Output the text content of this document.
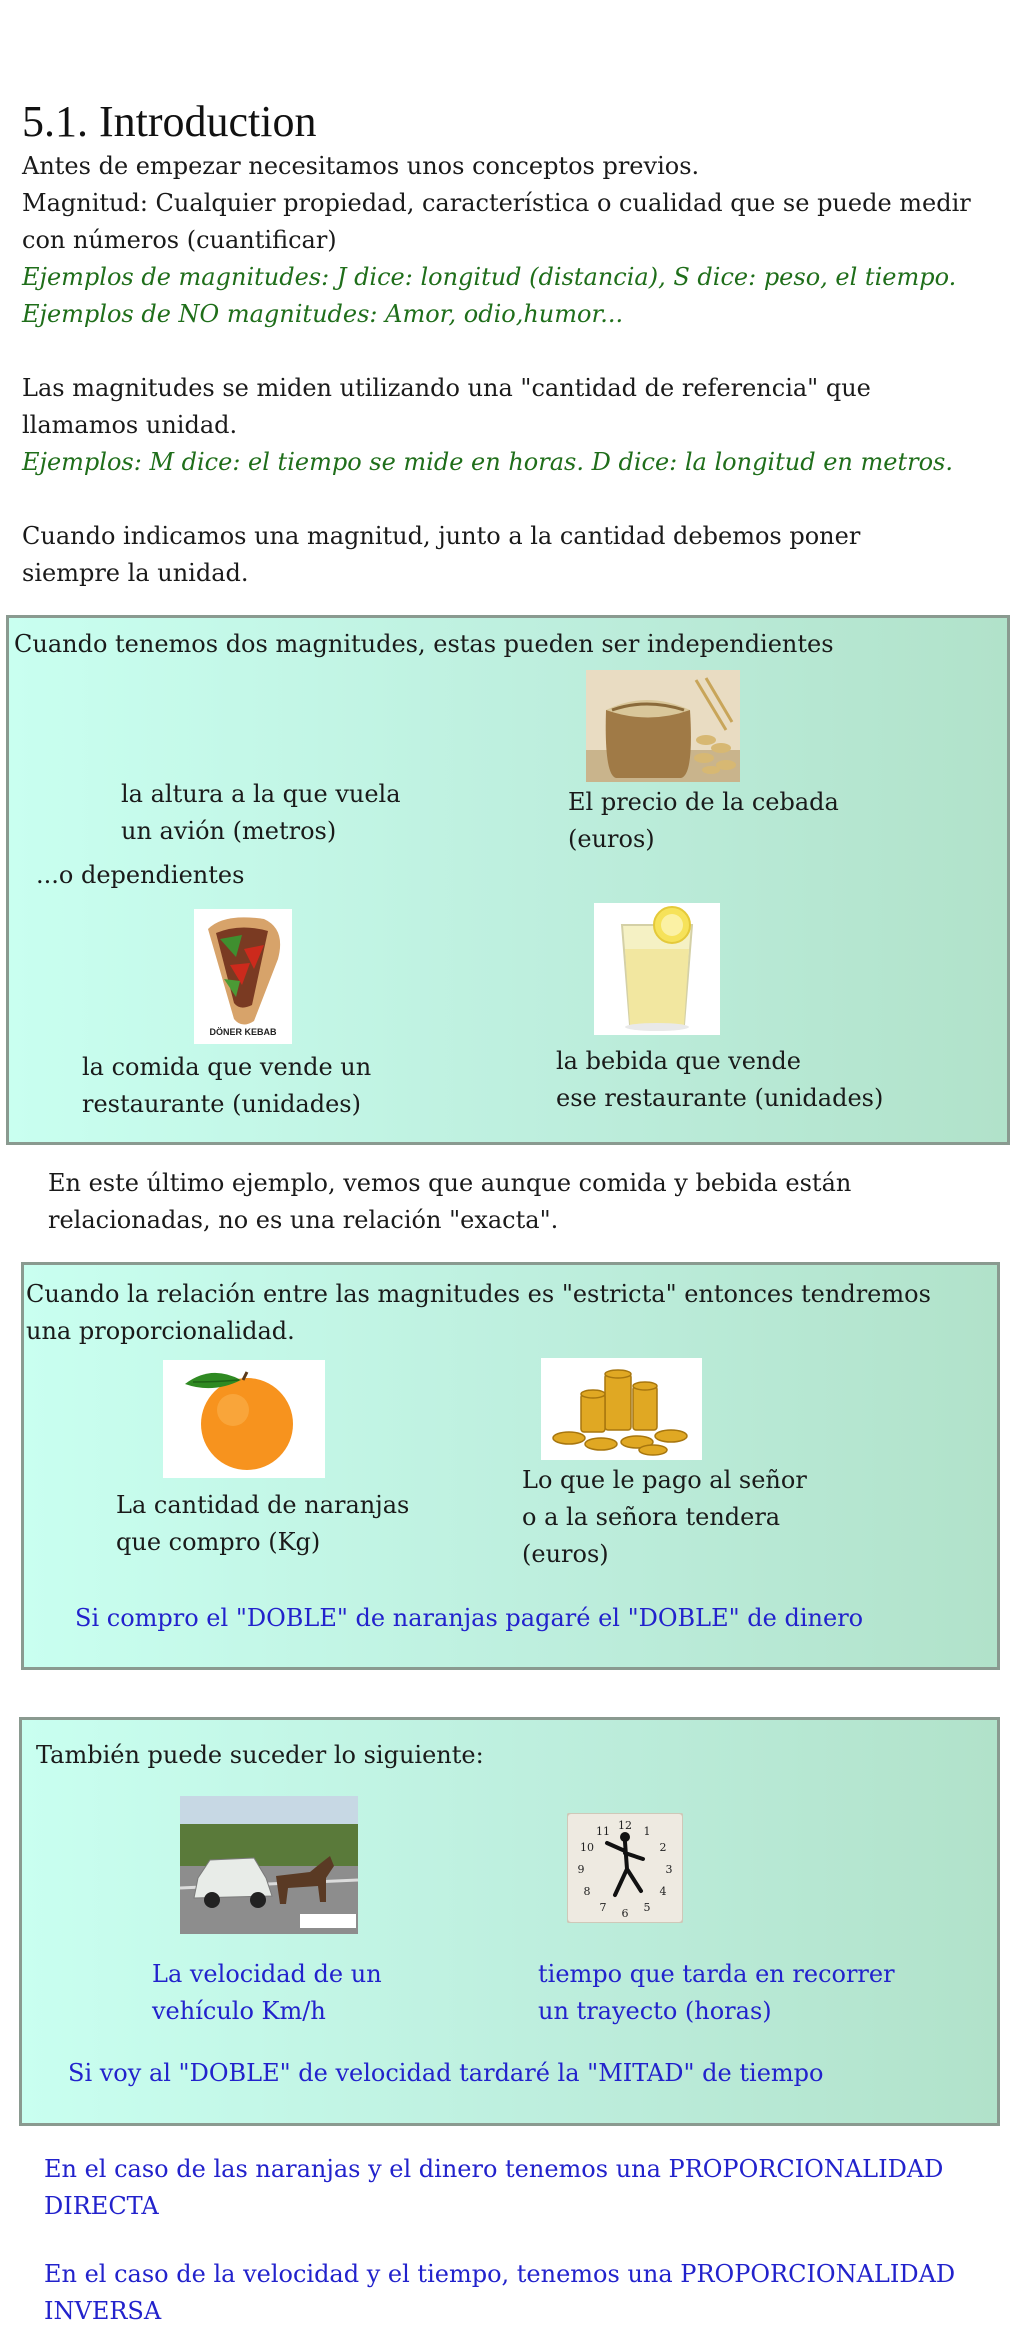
5.1. Introduction
Antes de empezar necesitamos unos conceptos previos.
Magnitud: Cualquier propiedad, característica o cualidad que se puede medir
con números (cuantificar)
Ejemplos de magnitudes: J dice: longitud (distancia), S dice: peso, el tiempo.
Ejemplos de NO magnitudes: Amor, odio,humor...
Las magnitudes se miden utilizando una "cantidad de referencia" que
llamamos unidad.
Ejemplos: M dice: el tiempo se mide en horas. D dice: la longitud en metros.
Cuando indicamos una magnitud, junto a la cantidad debemos poner
siempre la unidad.
Cuando tenemos dos magnitudes, estas pueden ser independientes
la altura a la que vuela
un avión (metros)
El precio de la cebada
(euros)
...o dependientes
DÖNER KEBAB
la comida que vende un
restaurante (unidades)
la bebida que vende
ese restaurante (unidades)
En este último ejemplo, vemos que aunque comida y bebida están
relacionadas, no es una relación "exacta".
Cuando la relación entre las magnitudes es "estricta" entonces tendremos
una proporcionalidad.
La cantidad de naranjas
que compro (Kg)
Lo que le pago al señor
o a la señora tendera
(euros)
Si compro el "DOBLE" de naranjas pagaré el "DOBLE" de dinero
También puede suceder lo siguiente:
12 1
2
3
4
5
6
7
8
9
10
11
La velocidad de un
vehículo Km/h
tiempo que tarda en recorrer
un trayecto (horas)
Si voy al "DOBLE" de velocidad tardaré la "MITAD" de tiempo
En el caso de las naranjas y el dinero tenemos una PROPORCIONALIDAD
DIRECTA
En el caso de la velocidad y el tiempo, tenemos una PROPORCIONALIDAD
INVERSA
